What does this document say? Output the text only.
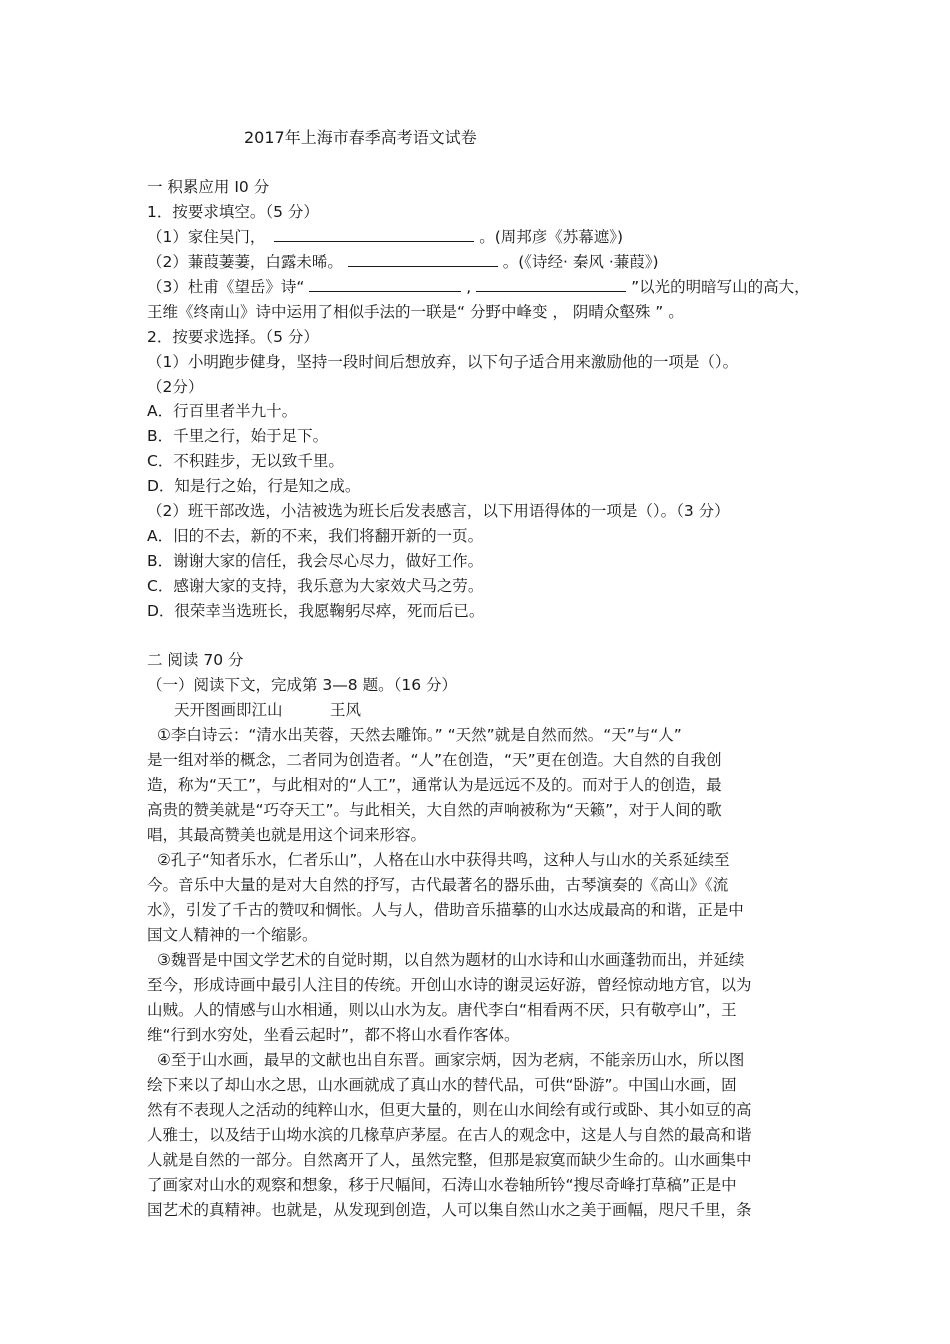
2017年上海市春季高考语文试卷
一 积累应用 I0 分
1．按要求填空。（5 分）
（1）家住吴门，	。(周邦彦《苏幕遮》)
（2）蒹葭萋萋，白露未晞。	。(《诗经· 秦风 ·蒹葭》)
（3）杜甫《望岳》诗“	,	”以光的明暗写山的高大，
王维《终南山》诗中运用了相似手法的一联是“ 分野中峰变 ， 阴晴众壑殊 ” 。
2．按要求选择。（5 分）
（1）小明跑步健身，坚持一段时间后想放弃，以下句子适合用来激励他的一项是（）。
（2分）
A．行百里者半九十。
B．千里之行，始于足下。
C．不积跬步，无以致千里。
D．知是行之始，行是知之成。
（2）班干部改选，小洁被选为班长后发表感言，以下用语得体的一项是（）。（3 分）
A．旧的不去，新的不来，我们将翻开新的一页。
B．谢谢大家的信任，我会尽心尽力，做好工作。
C．感谢大家的支持，我乐意为大家效犬马之劳。
D．很荣幸当选班长，我愿鞠躬尽瘁，死而后已。
二 阅读 70 分
（一）阅读下文，完成第 3—8 题。（16 分）
天开图画即江山	王风
①李白诗云：“清水出芙蓉，天然去雕饰。” “天然”就是自然而然。“天”与“人”
是一组对举的概念，二者同为创造者。“人”在创造，“天”更在创造。大自然的自我创
造，称为“天工”，与此相对的“人工”，通常认为是远远不及的。而对于人的创造，最
高贵的赞美就是“巧夺天工”。与此相关，大自然的声响被称为“天籁”，对于人间的歌
唱，其最高赞美也就是用这个词来形容。
②孔子“知者乐水，仁者乐山”，人格在山水中获得共鸣，这种人与山水的关系延续至
今。音乐中大量的是对大自然的抒写，古代最著名的器乐曲，古琴演奏的《高山》《流
水》，引发了千古的赞叹和惆怅。人与人，借助音乐描摹的山水达成最高的和谐，正是中
国文人精神的一个缩影。
③魏晋是中国文学艺术的自觉时期，以自然为题材的山水诗和山水画蓬勃而出，并延续
至今，形成诗画中最引人注目的传统。开创山水诗的谢灵运好游，曾经惊动地方官，以为
山贼。人的情感与山水相通，则以山水为友。唐代李白“相看两不厌，只有敬亭山”，王
维“行到水穷处，坐看云起时”，都不将山水看作客体。
④至于山水画，最早的文献也出自东晋。画家宗炳，因为老病，不能亲历山水，所以图
绘下来以了却山水之思，山水画就成了真山水的替代品，可供“卧游”。中国山水画，固
然有不表现人之活动的纯粹山水，但更大量的，则在山水间绘有或行或卧、其小如豆的高
人雅士，以及结于山坳水滨的几椽草庐茅屋。在古人的观念中，这是人与自然的最高和谐
人就是自然的一部分。自然离开了人，虽然完整，但那是寂寞而缺少生命的。山水画集中
了画家对山水的观察和想象，移于尺幅间，石涛山水卷轴所钤“搜尽奇峰打草稿”正是中
国艺术的真精神。也就是，从发现到创造，人可以集自然山水之美于画幅，咫尺千里，条
